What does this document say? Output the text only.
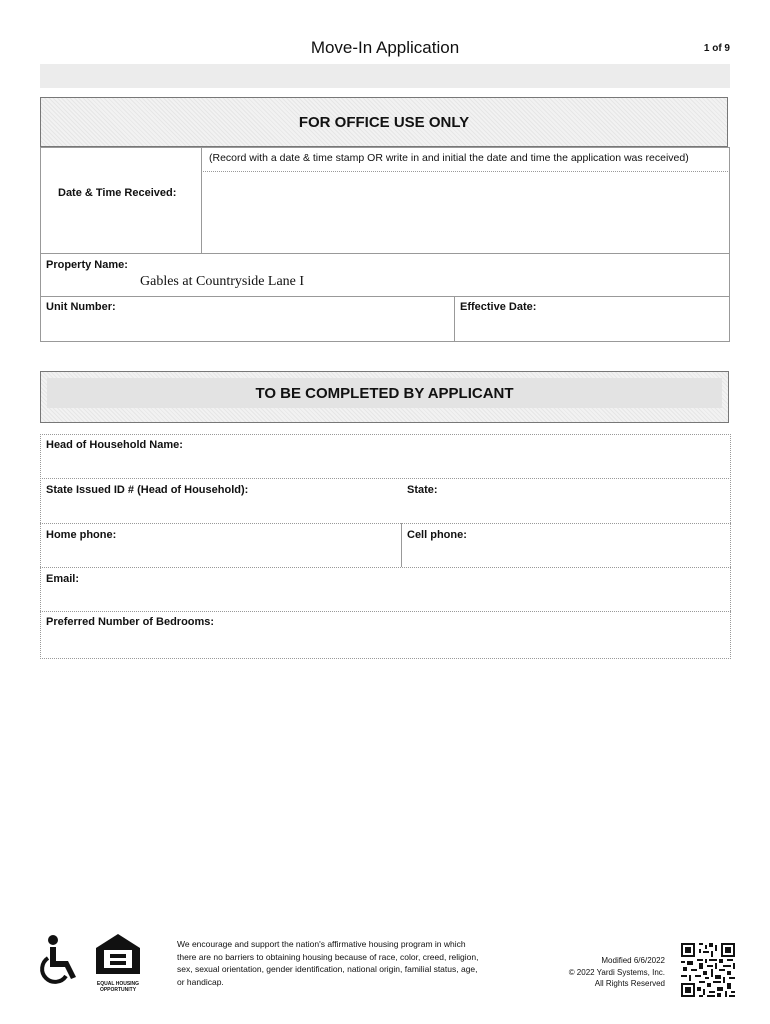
Move-In Application	1 of 9
FOR OFFICE USE ONLY
(Record with a date & time stamp OR write in and initial the date and time the application was received)
Date & Time Received:
Property Name:
Gables at Countryside Lane I
Unit Number:	Effective Date:
TO BE COMPLETED BY APPLICANT
Head of Household Name:
State Issued ID # (Head of Household):	State:
Home phone:	Cell phone:
Email:
Preferred Number of Bedrooms:
EQUAL HOUSING
OPPORTUNITY
We encourage and support the nation's affirmative housing program in which there are no barriers to obtaining housing because of race, color, creed, religion, sex, sexual orientation, gender identification, national origin, familial status, age, or handicap.
Modified 6/6/2022
© 2022 Yardi Systems, Inc.
All Rights Reserved
